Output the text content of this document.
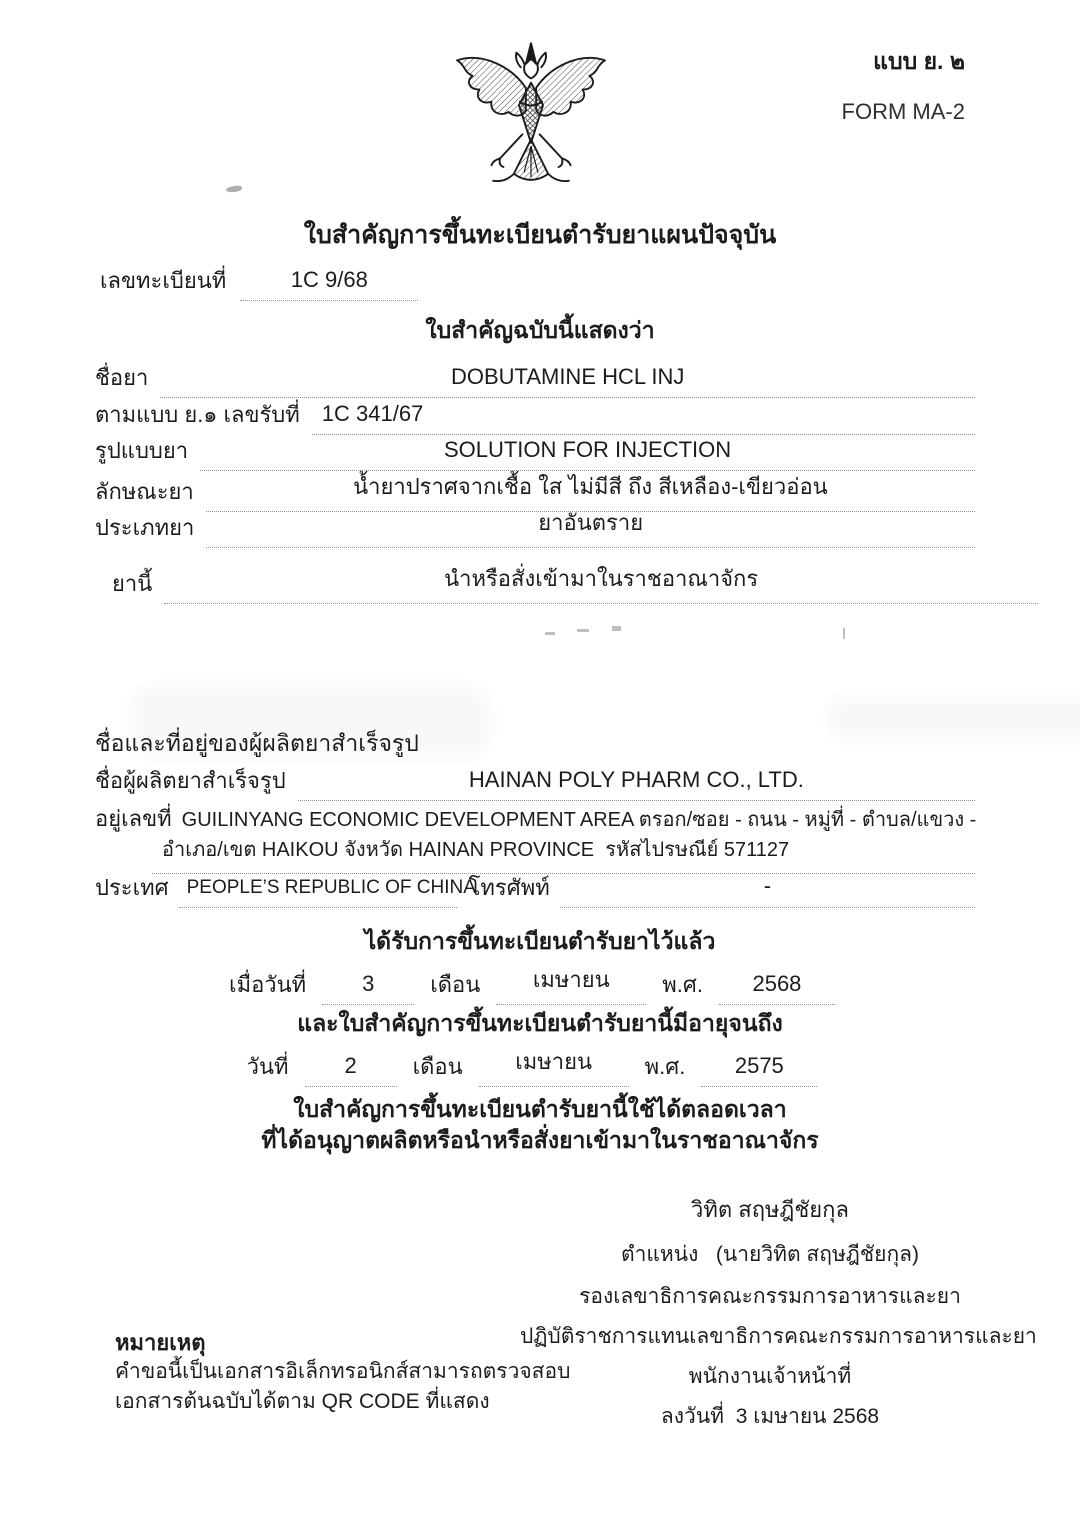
แบบ ย. ๒
FORM MA-2
ใบสำคัญการขึ้นทะเบียนตำรับยาแผนปัจจุบัน
เลขทะเบียนที่	1C 9/68
ใบสำคัญฉบับนี้แสดงว่า
ชื่อยา	DOBUTAMINE HCL INJ
ตามแบบ ย.๑ เลขรับที่	1C 341/67
รูปแบบยา	SOLUTION FOR INJECTION
ลักษณะยา	น้ำยาปราศจากเชื้อ ใส ไม่มีสี ถึง สีเหลือง-เขียวอ่อน
ประเภทยา	ยาอันตราย
ยานี้	นำหรือสั่งเข้ามาในราชอาณาจักร
ชื่อและที่อยู่ของผู้ผลิตยาสำเร็จรูป
ชื่อผู้ผลิตยาสำเร็จรูป	HAINAN POLY PHARM CO., LTD.
อยู่เลขที่ GUILINYANG ECONOMIC DEVELOPMENT AREA ตรอก/ซอย - ถนน - หมู่ที่ - ตำบล/แขวง -
อำเภอ/เขต HAIKOU จังหวัด HAINAN PROVINCE  รหัสไปรษณีย์ 571127
ประเทศ PEOPLE’S REPUBLIC OF CHINA
โทรศัพท์	-
ได้รับการขึ้นทะเบียนตำรับยาไว้แล้ว
เมื่อวันที่	3	เดือน	เมษายน	พ.ศ.	2568
และใบสำคัญการขึ้นทะเบียนตำรับยานี้มีอายุจนถึง
วันที่	2	เดือน	เมษายน	พ.ศ.	2575
ใบสำคัญการขึ้นทะเบียนตำรับยานี้ใช้ได้ตลอดเวลา
ที่ได้อนุญาตผลิตหรือนำหรือสั่งยาเข้ามาในราชอาณาจักร
วิทิต สฤษฎีชัยกุล
ตำแหน่ง   (นายวิทิต สฤษฎีชัยกุล)
รองเลขาธิการคณะกรรมการอาหารและยา
ปฏิบัติราชการแทนเลขาธิการคณะกรรมการอาหารและยา
พนักงานเจ้าหน้าที่
ลงวันที่  3 เมษายน 2568
หมายเหตุ
คำขอนี้เป็นเอกสารอิเล็กทรอนิกส์สามารถตรวจสอบ
เอกสารต้นฉบับได้ตาม QR CODE ที่แสดง
